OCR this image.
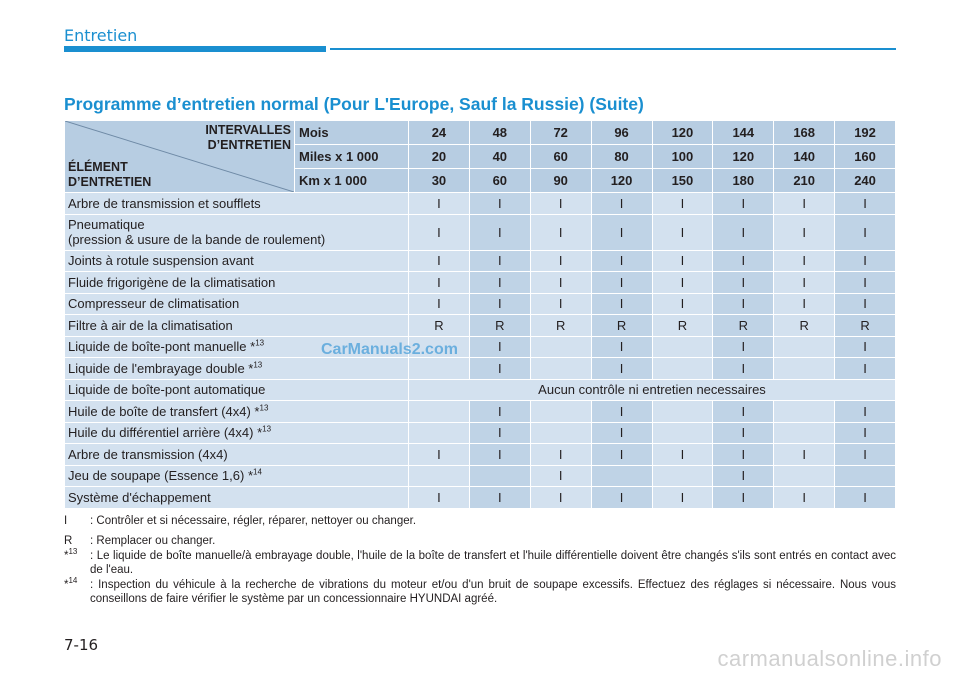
Entretien
Programme d’entretien normal (Pour L'Europe, Sauf la Russie) (Suite)
INTERVALLES
D’ENTRETIEN
ÉLÉMENT
D’ENTRETIEN	Mois	24	48	72	96	120	144	168	192
	Miles x 1 000	20	40	60	80	100	120	140	160
	Km x 1 000	30	60	90	120	150	180	210	240
Arbre de transmission et soufflets		I	I	I	I	I	I	I	I

Pneumatique
(pression & usure de la bande de roulement)		I	I	I	I	I	I	I	I
Joints à rotule suspension avant		I	I	I	I	I	I	I	I
Fluide frigorigène de la climatisation		I	I	I	I	I	I	I	I
Compresseur de climatisation		I	I	I	I	I	I	I	I
Filtre à air de la climatisation		R	R	R	R	R	R	R	R
Liquide de boîte-pont manuelle *$^{13}$			I		I		I		I
Liquide de l'embrayage double *$^{13}$			I		I		I		I
Liquide de boîte-pont automatique		Aucun contrôle ni entretien necessaires							
Huile de boîte de transfert (4x4) *$^{13}$			I		I		I		I
Huile du différentiel arrière (4x4) *$^{13}$			I		I		I		I
Arbre de transmission (4x4)		I	I	I	I	I	I	I	I
Jeu de soupape (Essence 1,6) *$^{14}$				I			I		
Système d'échappement		I	I	I	I	I	I	I	I
CarManuals2.com
I	: Contrôler et si nécessaire, régler, réparer, nettoyer ou changer.
R	: Remplacer ou changer.
*$^{13}$	: Le liquide de boîte manuelle/à embrayage double, l'huile de la boîte de transfert et l'huile différentielle doivent être changés s'ils sont entrés en contact avec de l'eau.
*$^{14}$	: Inspection du véhicule à la recherche de vibrations du moteur et/ou d'un bruit de soupape excessifs. Effectuez des réglages si nécessaire. Nous vous conseillons de faire vérifier le système par un concessionnaire HYUNDAI agréé.
7-16
carmanualsonline.info
